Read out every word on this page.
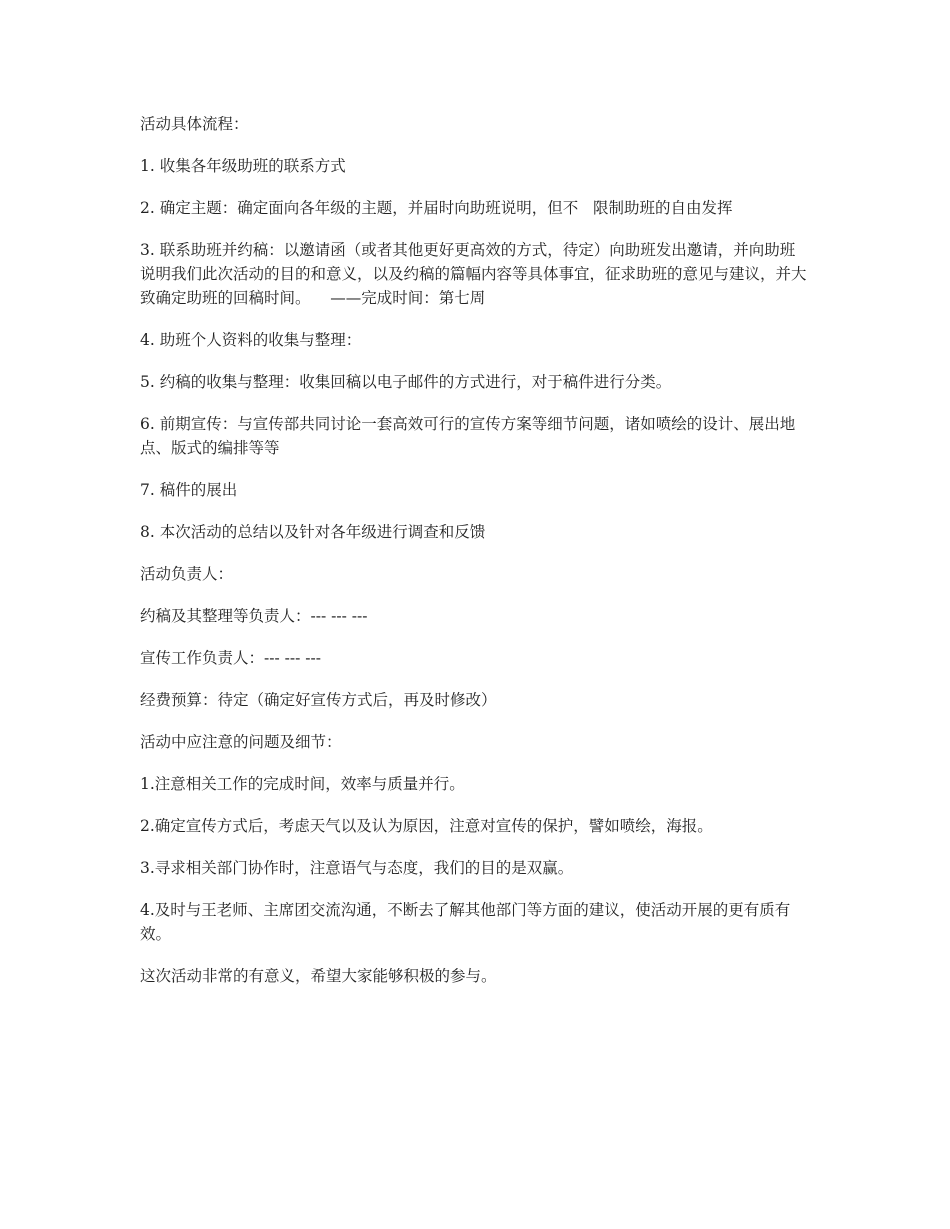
活动具体流程：

1. 收集各年级助班的联系方式

2. 确定主题：确定面向各年级的主题，并届时向助班说明，但不   限制助班的自由发挥

3. 联系助班并约稿：以邀请函（或者其他更好更高效的方式，待定）向助班发出邀请，并向助班说明我们此次活动的目的和意义，以及约稿的篇幅内容等具体事宜，征求助班的意见与建议，并大致确定助班的回稿时间。    ——完成时间：第七周

4. 助班个人资料的收集与整理：

5. 约稿的收集与整理：收集回稿以电子邮件的方式进行，对于稿件进行分类。

6. 前期宣传：与宣传部共同讨论一套高效可行的宣传方案等细节问题，诸如喷绘的设计、展出地点、版式的编排等等

7. 稿件的展出

8. 本次活动的总结以及针对各年级进行调查和反馈

活动负责人：

约稿及其整理等负责人：--- --- ---

宣传工作负责人：--- --- ---

经费预算：待定（确定好宣传方式后，再及时修改）

活动中应注意的问题及细节：

1.注意相关工作的完成时间，效率与质量并行。

2.确定宣传方式后，考虑天气以及认为原因，注意对宣传的保护，譬如喷绘，海报。

3.寻求相关部门协作时，注意语气与态度，我们的目的是双赢。

4.及时与王老师、主席团交流沟通，不断去了解其他部门等方面的建议，使活动开展的更有质有效。

这次活动非常的有意义，希望大家能够积极的参与。
